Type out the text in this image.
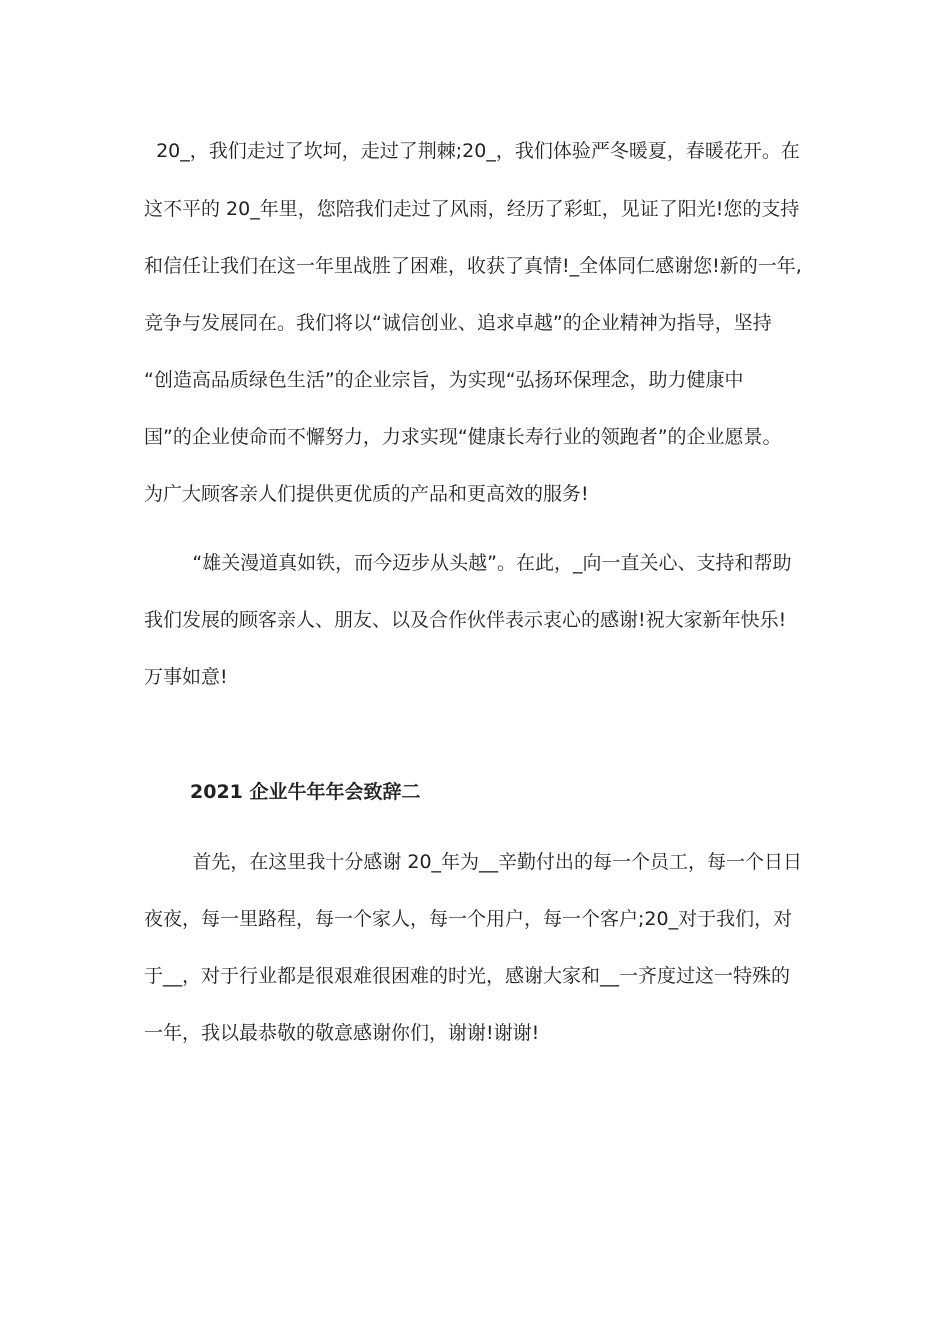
20_，我们走过了坎坷，走过了荆棘;20_，我们体验严冬暖夏，春暖花开。在
这不平的 20_年里，您陪我们走过了风雨，经历了彩虹，见证了阳光!您的支持
和信任让我们在这一年里战胜了困难，收获了真情!_全体同仁感谢您!新的一年,
竞争与发展同在。我们将以“诚信创业、追求卓越”的企业精神为指导，坚持
“创造高品质绿色生活”的企业宗旨，为实现“弘扬环保理念，助力健康中
国”的企业使命而不懈努力，力求实现“健康长寿行业的领跑者”的企业愿景。
为广大顾客亲人们提供更优质的产品和更高效的服务!
“雄关漫道真如铁，而今迈步从头越”。在此，_向一直关心、支持和帮助
我们发展的顾客亲人、朋友、以及合作伙伴表示衷心的感谢!祝大家新年快乐!
万事如意!
2021 企业牛年年会致辞二
首先，在这里我十分感谢 20_年为__辛勤付出的每一个员工，每一个日日
夜夜，每一里路程，每一个家人，每一个用户，每一个客户;20_对于我们，对
于__，对于行业都是很艰难很困难的时光，感谢大家和__一齐度过这一特殊的
一年，我以最恭敬的敬意感谢你们，谢谢!谢谢!
